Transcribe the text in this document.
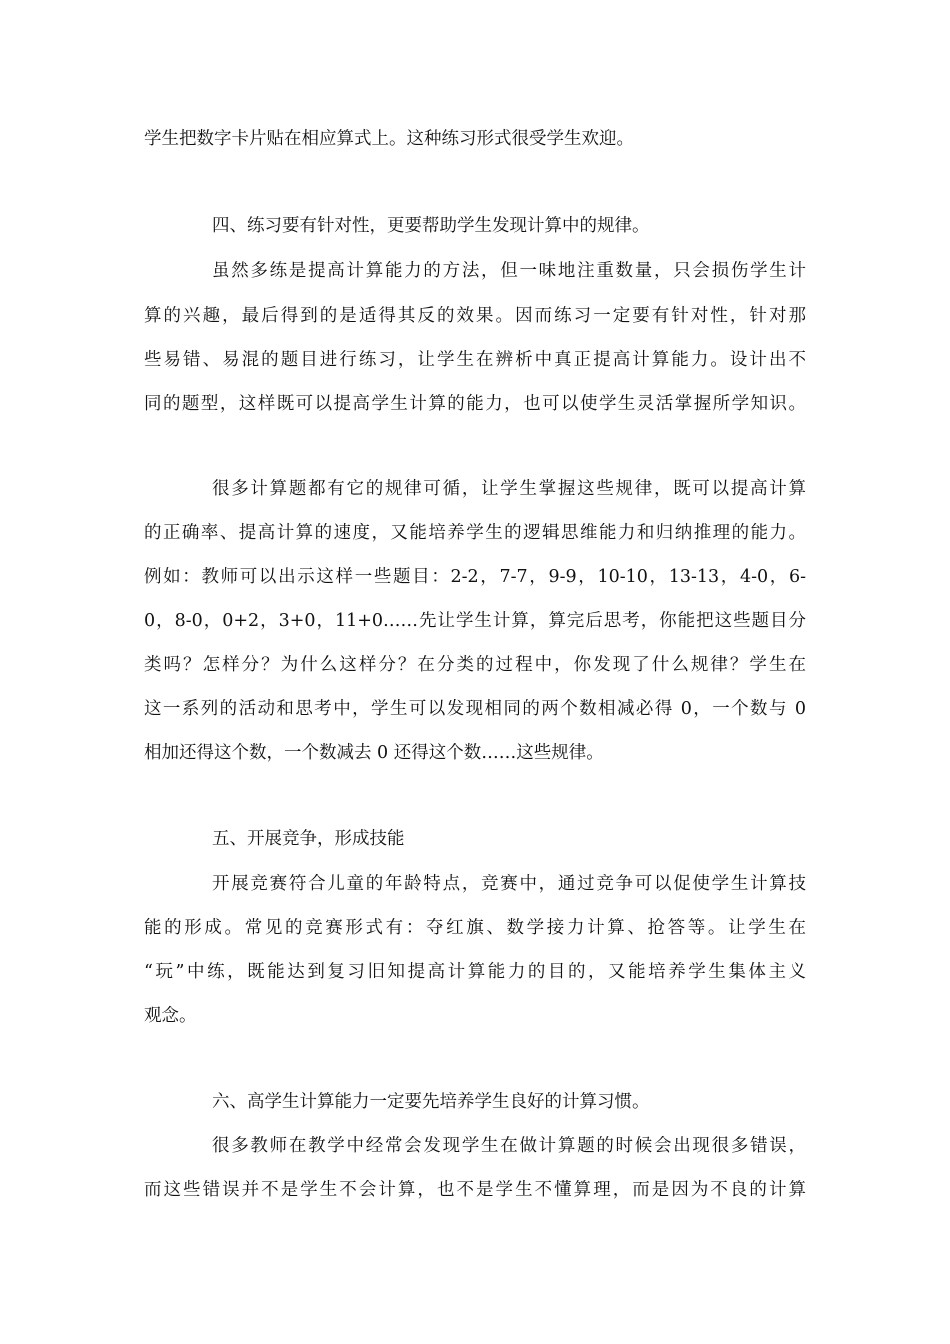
学生把数字卡片贴在相应算式上。这种练习形式很受学生欢迎。

四、练习要有针对性，更要帮助学生发现计算中的规律。

虽然多练是提高计算能力的方法，但一味地注重数量，只会损伤学生计

算的兴趣，最后得到的是适得其反的效果。因而练习一定要有针对性，针对那

些易错、易混的题目进行练习，让学生在辨析中真正提高计算能力。设计出不

同的题型，这样既可以提高学生计算的能力，也可以使学生灵活掌握所学知识。

很多计算题都有它的规律可循，让学生掌握这些规律，既可以提高计算

的正确率、提高计算的速度，又能培养学生的逻辑思维能力和归纳推理的能力。

例如：教师可以出示这样一些题目：2-2，7-7，9-9，10-10，13-13，4-0，6-

0，8-0，0+2，3+0，11+0……先让学生计算，算完后思考，你能把这些题目分

类吗？怎样分？为什么这样分？在分类的过程中，你发现了什么规律？学生在

这一系列的活动和思考中，学生可以发现相同的两个数相减必得 0，一个数与 0

相加还得这个数，一个数减去 0 还得这个数……这些规律。

五、开展竞争，形成技能

开展竞赛符合儿童的年龄特点，竞赛中，通过竞争可以促使学生计算技

能的形成。常见的竞赛形式有：夺红旗、数学接力计算、抢答等。让学生在

“玩”中练，既能达到复习旧知提高计算能力的目的，又能培养学生集体主义

观念。

六、高学生计算能力一定要先培养学生良好的计算习惯。

很多教师在教学中经常会发现学生在做计算题的时候会出现很多错误，

而这些错误并不是学生不会计算，也不是学生不懂算理，而是因为不良的计算
